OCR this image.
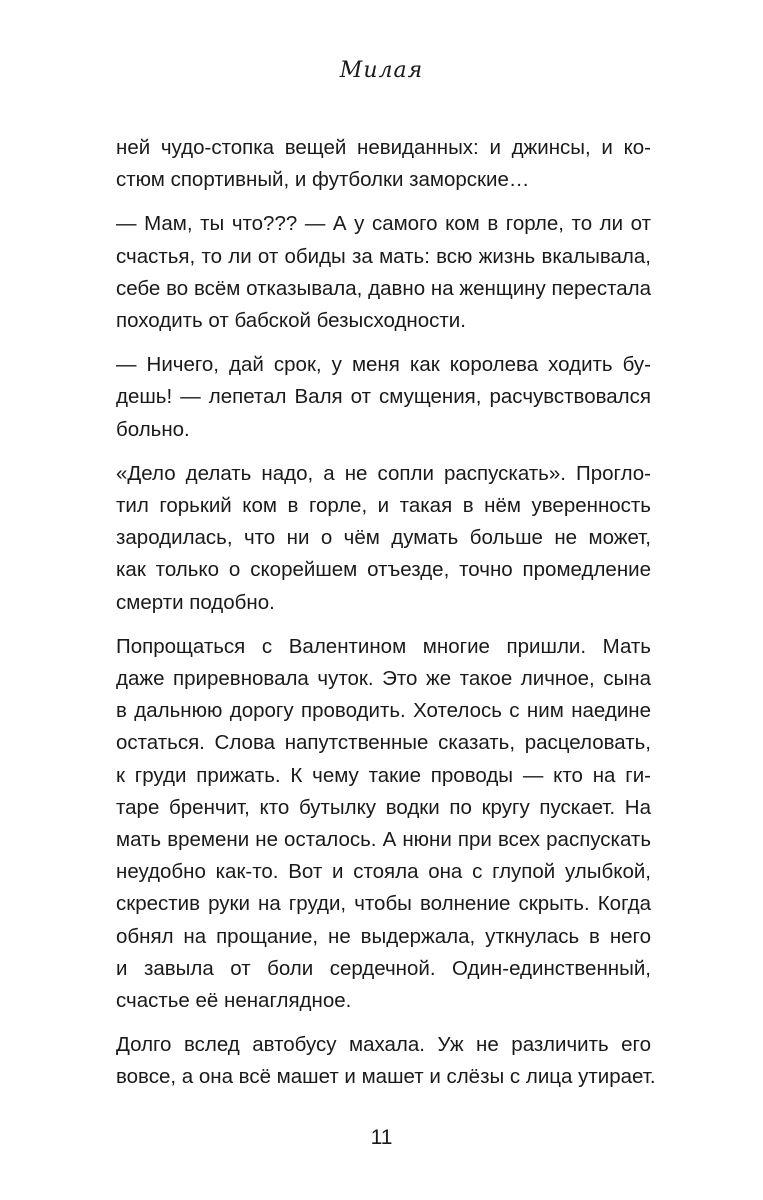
Милая

ней чудо-стопка вещей невиданных: и джинсы, и ко-
стюм спортивный, и футболки заморские…

— Мам, ты что??? — А у самого ком в горле, то ли от
счастья, то ли от обиды за мать: всю жизнь вкалывала,
себе во всём отказывала, давно на женщину перестала
походить от бабской безысходности.

— Ничего, дай срок, у меня как королева ходить бу-
дешь! — лепетал Валя от смущения, расчувствовался
больно.

«Дело делать надо, а не сопли распускать». Прогло-
тил горький ком в горле, и такая в нём уверенность
зародилась, что ни о чём думать больше не может,
как только о скорейшем отъезде, точно промедление
смерти подобно.

Попрощаться с Валентином многие пришли. Мать
даже приревновала чуток. Это же такое личное, сына
в дальнюю дорогу проводить. Хотелось с ним наедине
остаться. Слова напутственные сказать, расцеловать,
к груди прижать. К чему такие проводы — кто на ги-
таре бренчит, кто бутылку водки по кругу пускает. На
мать времени не осталось. А нюни при всех распускать
неудобно как-то. Вот и стояла она с глупой улыбкой,
скрестив руки на груди, чтобы волнение скрыть. Когда
обнял на прощание, не выдержала, уткнулась в него
и завыла от боли сердечной. Один-единственный,
счастье её ненаглядное.

Долго вслед автобусу махала. Уж не различить его
вовсе, а она всё машет и машет и слёзы с лица утирает.

11
